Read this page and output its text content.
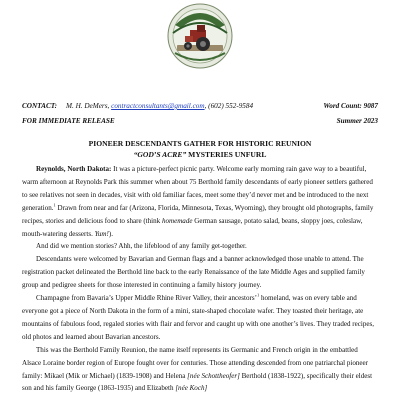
CONTACT: M. H. DeMers, contractconsultants@gmail.com, (602) 552-9584	Word Count: 9087
FOR IMMEDIATE RELEASE	Summer 2023
PIONEER DESCENDANTS GATHER FOR HISTORIC REUNION
“GOD’S ACRE” MYSTERIES UNFURL

Reynolds, North Dakota: It was a picture-perfect picnic party. Welcome early morning rain gave way to a beautiful, warm afternoon at Reynolds Park this summer when about 75 Berthold family descendants of early pioneer settlers gathered to see relatives not seen in decades, visit with old familiar faces, meet some they’d never met and be introduced to the next generation.$^1$ Drawn from near and far (Arizona, Florida, Minnesota, Texas, Wyoming), they brought old photographs, family recipes, stories and delicious food to share (think homemade German sausage, potato salad, beans, sloppy joes, coleslaw, mouth-watering desserts. Yum!).

And did we mention stories? Ahh, the lifeblood of any family get-together.

Descendants were welcomed by Bavarian and German flags and a banner acknowledged those unable to attend. The registration packet delineated the Berthold line back to the early Renaissance of the late Middle Ages and supplied family group and pedigree sheets for those interested in continuing a family history journey.

Champagne from Bavaria’s Upper Middle Rhine River Valley, their ancestors’$^1$ homeland, was on every table and everyone got a piece of North Dakota in the form of a mini, state-shaped chocolate wafer. They toasted their heritage, ate mountains of fabulous food, regaled stories with flair and fervor and caught up with one another’s lives. They traded recipes, old photos and learned about Bavarian ancestors.

This was the Berthold Family Reunion, the name itself represents its Germanic and French origin in the embattled Alsace Loraine border region of Europe fought over for centuries. Those attending descended from one patriarchal pioneer family: Mikael (Mik or Michael) (1839-1908) and Helena [née Schottheofer] Berthold (1838-1922), specifically their eldest son and his family George (1863-1935) and Elizabeth [née Koch]
